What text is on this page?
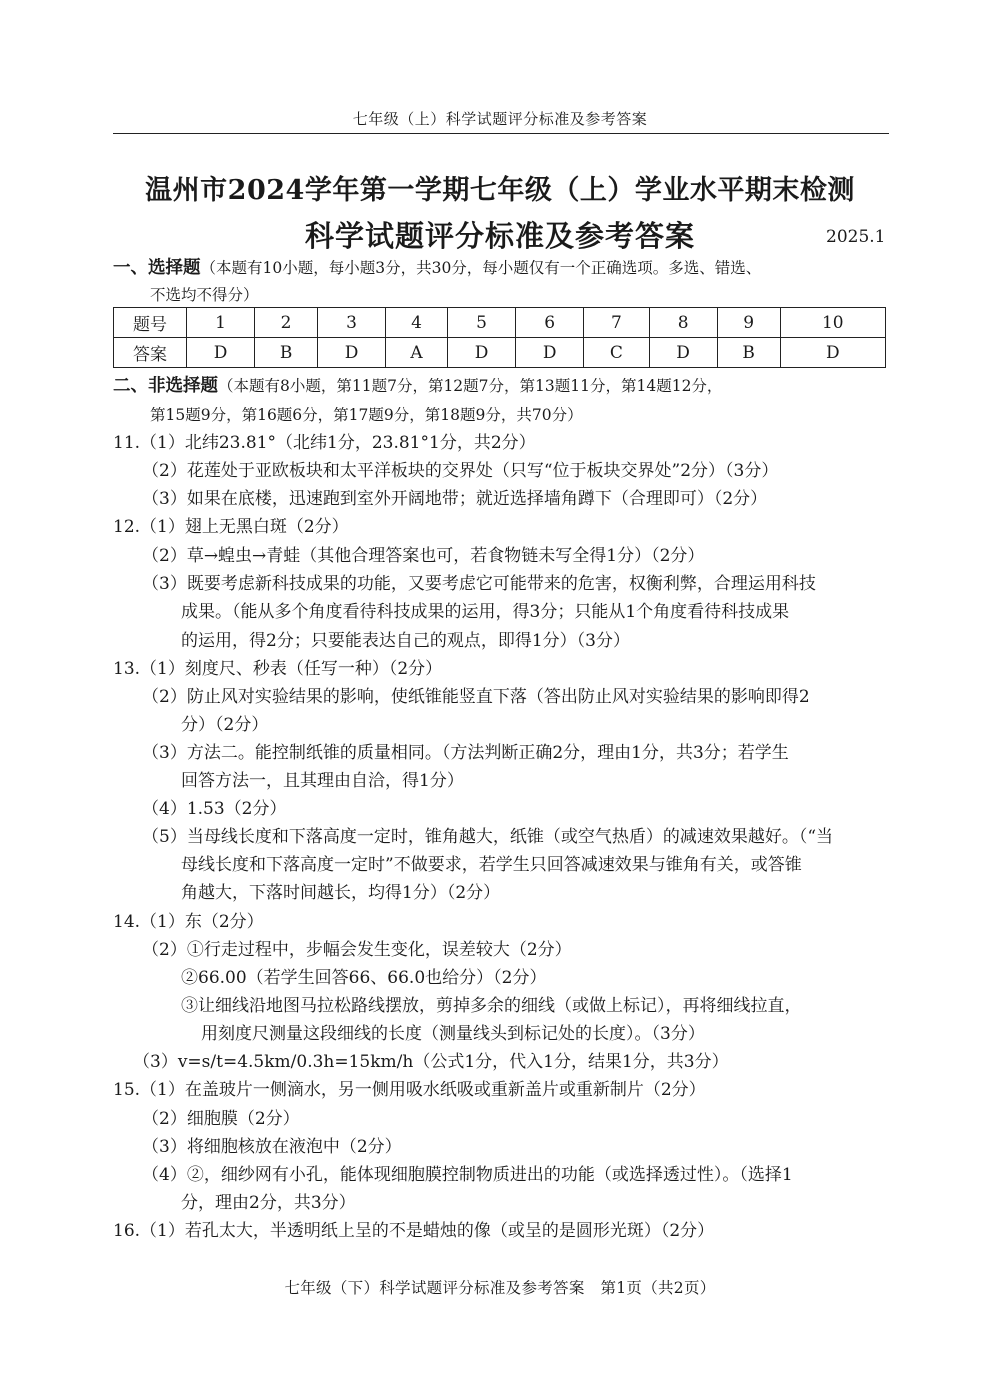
七年级（上）科学试题评分标准及参考答案
温州市2024学年第一学期七年级（上）学业水平期末检测
科学试题评分标准及参考答案	2025.1
一、选择题（本题有10小题，每小题3分，共30分，每小题仅有一个正确选项。多选、错选、
不选均不得分）
题号	1	2	3	4	5	6	7	8	9	10
答案	D	B	D	A	D	D	C	D	B	D
二、非选择题（本题有8小题，第11题7分，第12题7分，第13题11分，第14题12分，
第15题9分，第16题6分，第17题9分，第18题9分，共70分）
11.（1）北纬23.81°（北纬1分，23.81°1分，共2分）
（2）花莲处于亚欧板块和太平洋板块的交界处（只写“位于板块交界处”2分）（3分）
（3）如果在底楼，迅速跑到室外开阔地带；就近选择墙角蹲下（合理即可）（2分）
12.（1）翅上无黑白斑（2分）
（2）草→蝗虫→青蛙（其他合理答案也可，若食物链未写全得1分）（2分）
（3）既要考虑新科技成果的功能，又要考虑它可能带来的危害，权衡利弊，合理运用科技
成果。（能从多个角度看待科技成果的运用，得3分；只能从1个角度看待科技成果
的运用，得2分；只要能表达自己的观点，即得1分）（3分）
13.（1）刻度尺、秒表（任写一种）（2分）
（2）防止风对实验结果的影响，使纸锥能竖直下落（答出防止风对实验结果的影响即得2
分）（2分）
（3）方法二。能控制纸锥的质量相同。（方法判断正确2分，理由1分，共3分；若学生
回答方法一，且其理由自洽，得1分）
（4）1.53（2分）
（5）当母线长度和下落高度一定时，锥角越大，纸锥（或空气热盾）的减速效果越好。（“当
母线长度和下落高度一定时”不做要求，若学生只回答减速效果与锥角有关，或答锥
角越大，下落时间越长，均得1分）（2分）
14.（1）东（2分）
（2）①行走过程中，步幅会发生变化，误差较大（2分）
②66.00（若学生回答66、66.0也给分）（2分）
③让细线沿地图马拉松路线摆放，剪掉多余的细线（或做上标记），再将细线拉直，
用刻度尺测量这段细线的长度（测量线头到标记处的长度）。（3分）
（3）v=s/t=4.5km/0.3h=15km/h（公式1分，代入1分，结果1分，共3分）
15.（1）在盖玻片一侧滴水，另一侧用吸水纸吸或重新盖片或重新制片（2分）
（2）细胞膜（2分）
（3）将细胞核放在液泡中（2分）
（4）②，细纱网有小孔，能体现细胞膜控制物质进出的功能（或选择透过性）。（选择1
分，理由2分，共3分）
16.（1）若孔太大，半透明纸上呈的不是蜡烛的像（或呈的是圆形光斑）（2分）
七年级（下）科学试题评分标准及参考答案　第1页（共2页）
